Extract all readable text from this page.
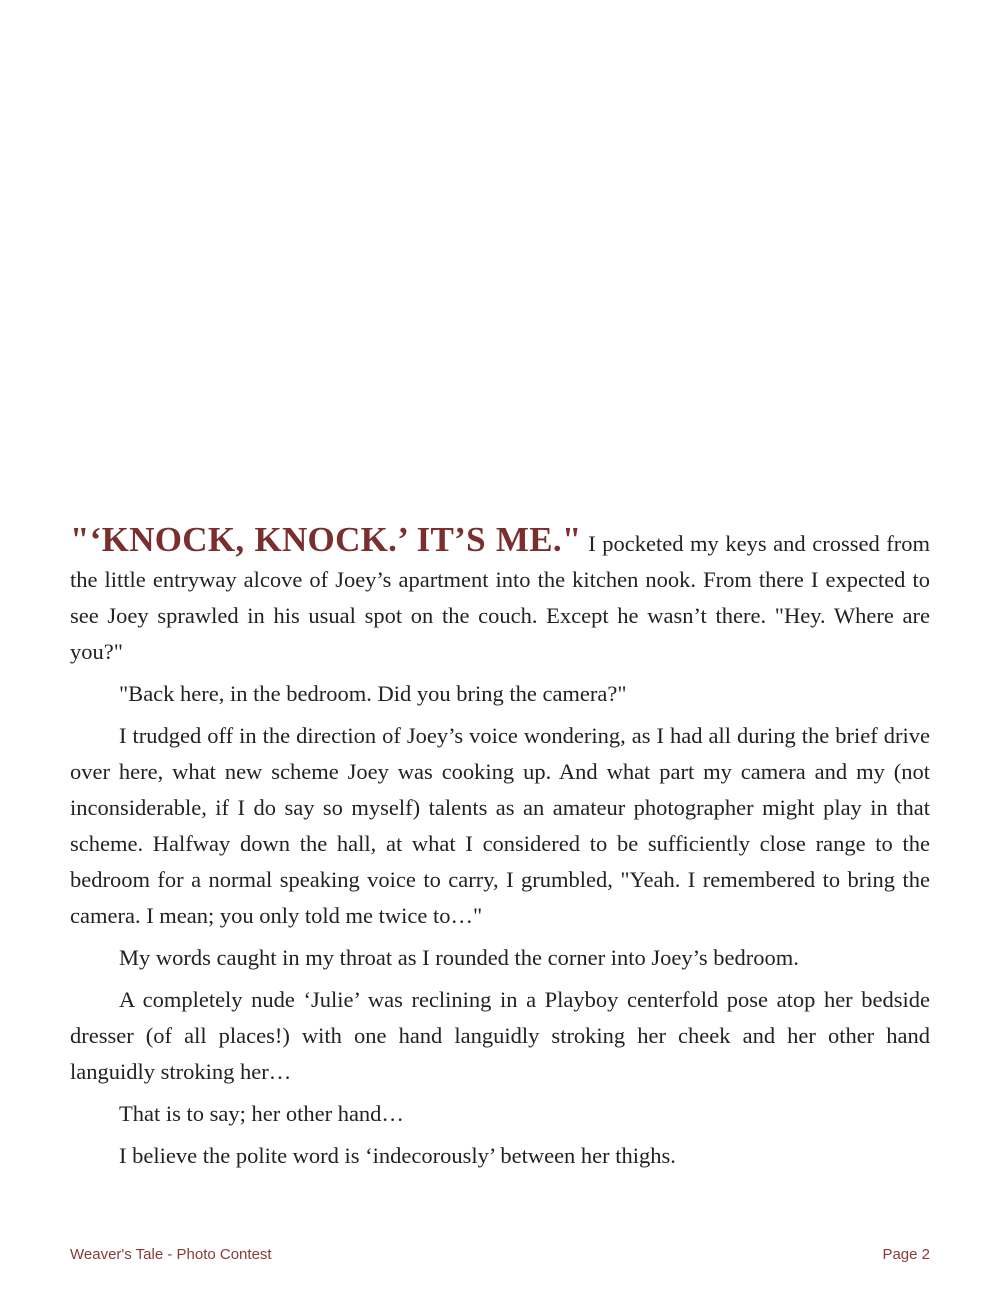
"‘KNOCK, KNOCK.’ IT’S ME." I pocketed my keys and crossed from the little entryway alcove of Joey’s apartment into the kitchen nook. From there I expected to see Joey sprawled in his usual spot on the couch. Except he wasn’t there. "Hey. Where are you?"

"Back here, in the bedroom. Did you bring the camera?"

I trudged off in the direction of Joey’s voice wondering, as I had all during the brief drive over here, what new scheme Joey was cooking up. And what part my camera and my (not inconsiderable, if I do say so myself) talents as an amateur photographer might play in that scheme. Halfway down the hall, at what I considered to be sufficiently close range to the bedroom for a normal speaking voice to carry, I grumbled, "Yeah. I remembered to bring the camera. I mean; you only told me twice to…"

My words caught in my throat as I rounded the corner into Joey’s bedroom.

A completely nude ‘Julie’ was reclining in a Playboy centerfold pose atop her bedside dresser (of all places!) with one hand languidly stroking her cheek and her other hand languidly stroking her…

That is to say; her other hand…

I believe the polite word is ‘indecorously’ between her thighs.

Weaver's Tale - Photo Contest	Page 2
